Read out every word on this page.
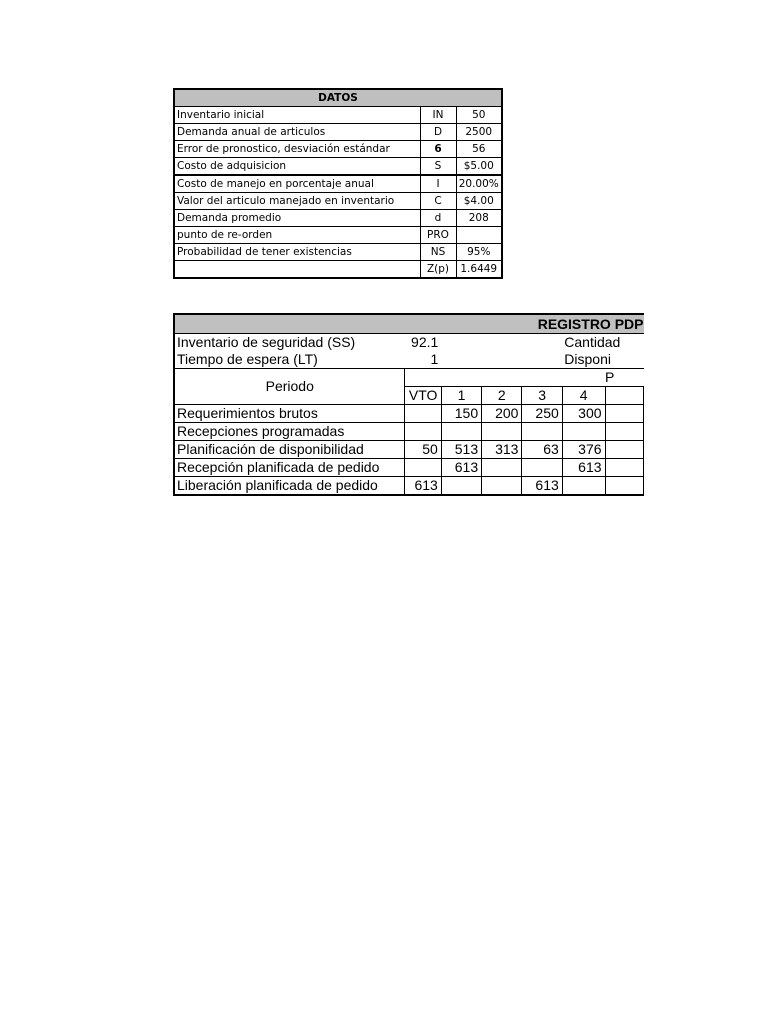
DATOS		
Inventario inicial	IN	50
Demanda anual de articulos	D	2500
Error de pronostico, desviación estándar	6	56
Costo de adquisicion	S	$5.00
Costo de manejo en porcentaje anual	I	20.00%
Valor del articulo manejado en inventario	C	$4.00
Demanda promedio	d	208
punto de re-orden	PRO	
Probabilidad de tener existencias	NS	95%
	Z(p)	1.6449
REGISTRO PDP						
Inventario de seguridad (SS)	92.1				Cantidad	
Tiempo de espera (LT)	1				Disponi	
Periodo						P
	VTO	1	2	3	4	
Requerimientos brutos		150	200	250	300	
Recepciones programadas						
Planificación de disponibilidad	50	513	313	63	376	
Recepción planificada de pedido		613			613	
Liberación planificada de pedido	613			613		
